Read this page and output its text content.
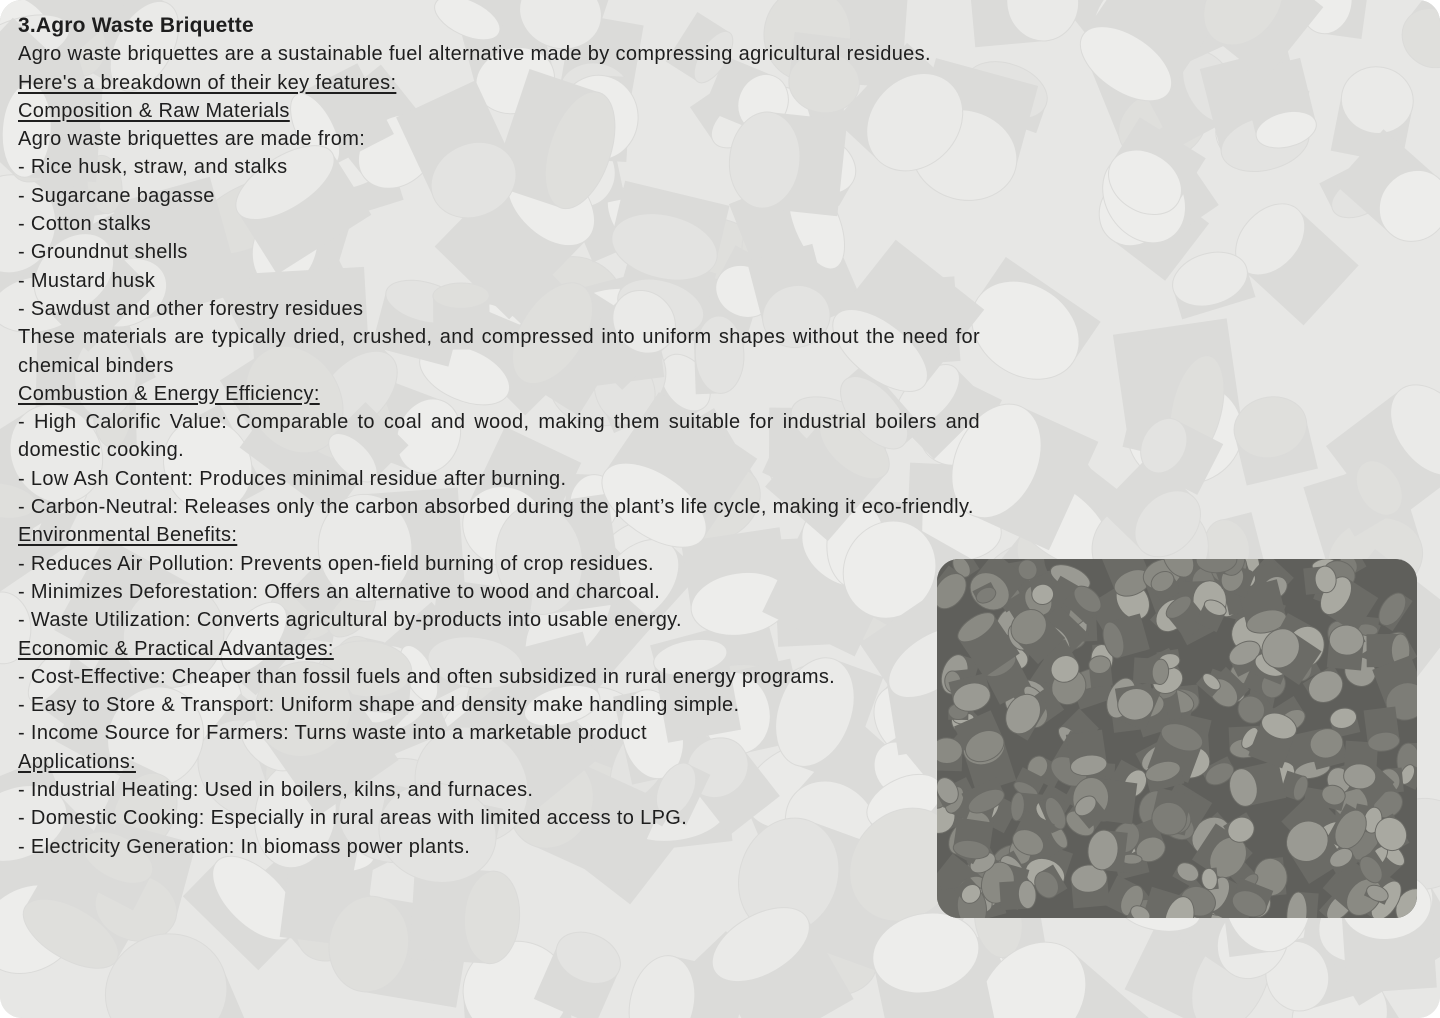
3.Agro Waste Briquette
Agro waste briquettes are a sustainable fuel alternative made by compressing agricultural residues.
Here's a breakdown of their key features:
Composition & Raw Materials
Agro waste briquettes are made from:
- Rice husk, straw, and stalks
- Sugarcane bagasse
- Cotton stalks
- Groundnut shells
- Mustard husk
- Sawdust and other forestry residues
These materials are typically dried, crushed, and compressed into uniform shapes without the need for chemical binders
Combustion & Energy Efficiency:
- High Calorific Value: Comparable to coal and wood, making them suitable for industrial boilers and domestic cooking.
- Low Ash Content: Produces minimal residue after burning.
- Carbon-Neutral: Releases only the carbon absorbed during the plant’s life cycle, making it eco-friendly.
Environmental Benefits:
- Reduces Air Pollution: Prevents open-field burning of crop residues.
- Minimizes Deforestation: Offers an alternative to wood and charcoal.
- Waste Utilization: Converts agricultural by-products into usable energy.
Economic & Practical Advantages:
- Cost-Effective: Cheaper than fossil fuels and often subsidized in rural energy programs.
- Easy to Store & Transport: Uniform shape and density make handling simple.
- Income Source for Farmers: Turns waste into a marketable product
Applications:
- Industrial Heating: Used in boilers, kilns, and furnaces.
- Domestic Cooking: Especially in rural areas with limited access to LPG.
- Electricity Generation: In biomass power plants.
